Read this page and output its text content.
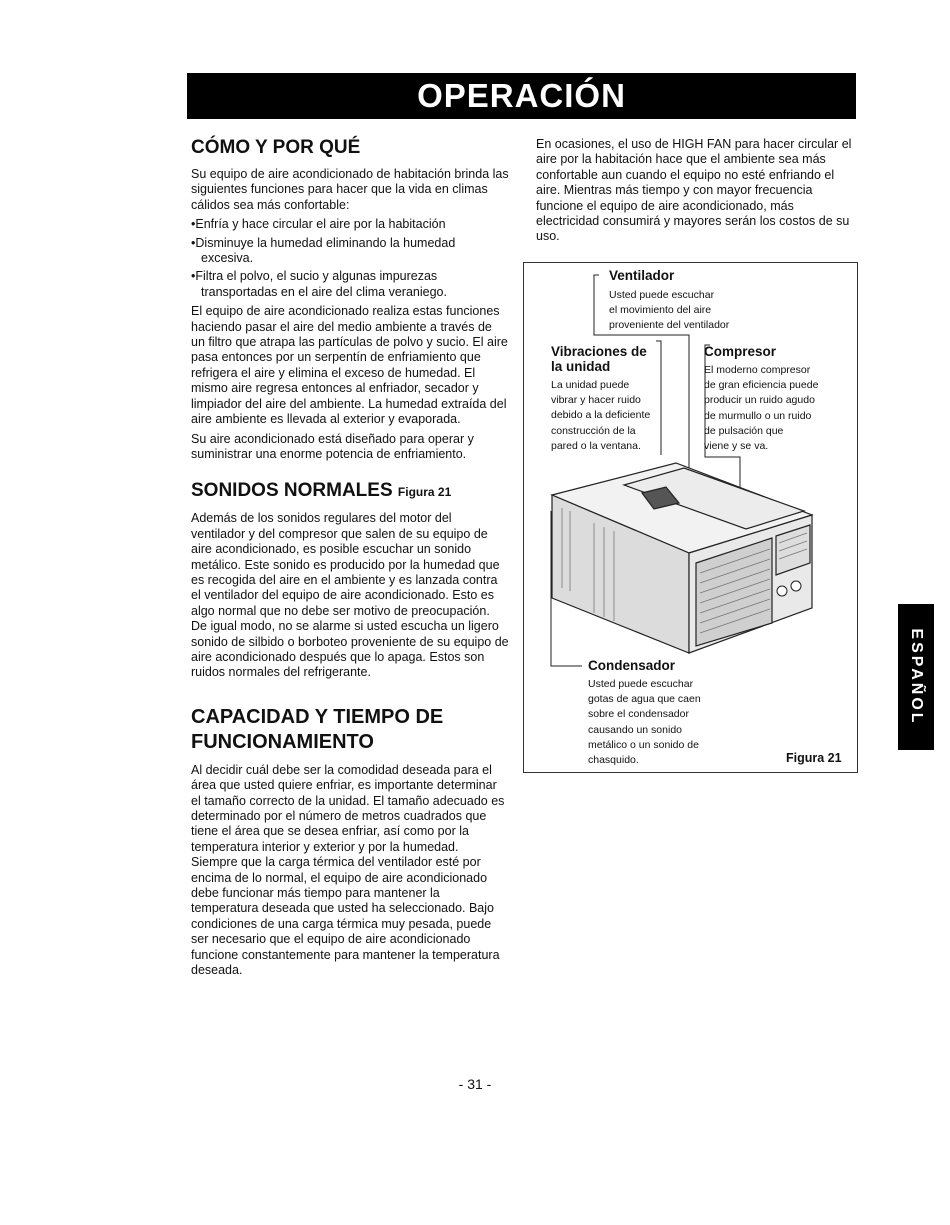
OPERACIÓN
CÓMO Y POR QUÉ

Su equipo de aire acondicionado de habitación brinda las siguientes funciones para hacer que la vida en climas cálidos sea más confortable:

• Enfría y hace circular el aire por la habitación
• Disminuye la humedad eliminando la humedad excesiva.
• Filtra el polvo, el sucio y algunas impurezas transportadas en el aire del clima veraniego.

El equipo de aire acondicionado realiza estas funciones haciendo pasar el aire del medio ambiente a través de un filtro que atrapa las partículas de polvo y sucio. El aire pasa entonces por un serpentín de enfriamiento que refrigera el aire y elimina el exceso de humedad. El mismo aire regresa entonces al enfriador, secador y limpiador del aire del ambiente. La humedad extraída del aire ambiente es llevada al exterior y evaporada.

Su aire acondicionado está diseñado para operar y suministrar una enorme potencia de enfriamiento.

SONIDOS NORMALES Figura 21

Además de los sonidos regulares del motor del ventilador y del compresor que salen de su equipo de aire acondicionado, es posible escuchar un sonido metálico. Este sonido es producido por la humedad que es recogida del aire en el ambiente y es lanzada contra el ventilador del equipo de aire acondicionado. Esto es algo normal que no debe ser motivo de preocupación. De igual modo, no se alarme si usted escucha un ligero sonido de silbido o borboteo proveniente de su equipo de aire acondicionado después que lo apaga. Estos son ruidos normales del refrigerante.

CAPACIDAD Y TIEMPO DE FUNCIONAMIENTO

Al decidir cuál debe ser la comodidad deseada para el área que usted quiere enfriar, es importante determinar el tamaño correcto de la unidad. El tamaño adecuado es determinado por el número de metros cuadrados que tiene el área que se desea enfriar, así como por la temperatura interior y exterior y por la humedad.

Siempre que la carga térmica del ventilador esté por encima de lo normal, el equipo de aire acondicionado debe funcionar más tiempo para mantener la temperatura deseada que usted ha seleccionado. Bajo condiciones de una carga térmica muy pesada, puede ser necesario que el equipo de aire acondicionado funcione constantemente para mantener la temperatura deseada.

En ocasiones, el uso de HIGH FAN para hacer circular el aire por la habitación hace que el ambiente sea más confortable aun cuando el equipo no esté enfriando el aire. Mientras más tiempo y con mayor frecuencia funcione el equipo de aire acondicionado, más electricidad consumirá y mayores serán los costos de su uso.

Ventilador
Usted puede escuchar
el movimiento del aire
proveniente del ventilador
Vibraciones de
la unidad
La unidad puede
vibrar y hacer ruido
debido a la deficiente
construcción de la
pared o la ventana.
Compresor
El moderno compresor
de gran eficiencia puede
producir un ruido agudo
de murmullo o un ruido
de pulsación que
viene y se va.
Condensador
Usted puede escuchar
gotas de agua que caen
sobre el condensador
causando un sonido
metálico o un sonido de
chasquido.	Figura 21
ESPAÑOL
- 31 -
